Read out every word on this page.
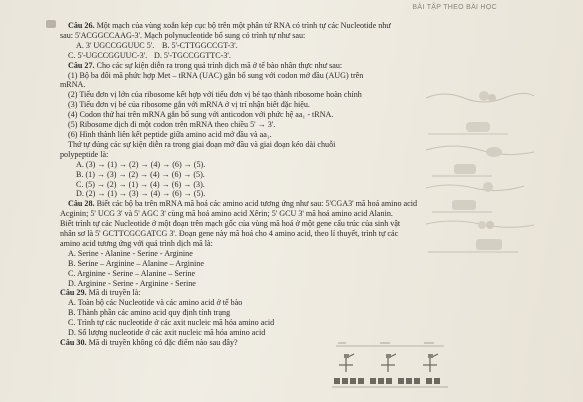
BÀI TẬP THEO BÀI HỌC
Câu 26. Một mạch của vùng xoắn kép cục bộ trên một phân tử RNA có trình tự các Nucleotide như
sau: 5'ACGGCCAAG-3'. Mạch polynucleotide bổ sung có trình tự như sau:
A. 3' UGCCGGUUC 5'. B. 5'-CTTGGCCGT-3'.
C. 5'-UGCCGGUUC-3'. D. 5'-TGCCGGTTC-3'.
Câu 27. Cho các sự kiện diễn ra trong quá trình dịch mã ở tế bào nhân thực như sau:
(1) Bộ ba đối mã phức hợp Met – tRNA (UAC) gắn bổ sung với codon mở đầu (AUG) trên
mRNA.
(2) Tiểu đơn vị lớn của ribosome kết hợp với tiểu đơn vị bé tạo thành ribosome hoàn chỉnh
(3) Tiểu đơn vị bé của ribosome gắn với mRNA ở vị trí nhận biết đặc hiệu.
(4) Codon thứ hai trên mRNA gắn bổ sung với anticodon với phức hệ aa₁ - tRNA.
(5) Ribosome dịch đi một codon trên mRNA theo chiều 5' → 3'.
(6) Hình thành liên kết peptide giữa amino acid mở đầu và aa₁.
Thứ tự đúng các sự kiện diễn ra trong giai đoạn mở đầu và giai đoạn kéo dài chuỗi
polypeptide là:
A. (3) → (1) → (2) → (4) → (6) → (5).
B. (1) → (3) → (2) → (4) → (6) → (5).
C. (5) → (2) → (1) → (4) → (6) → (3).
D. (2) → (1) → (3) → (4) → (6) → (5).
Câu 28. Biết các bộ ba trên mRNA mã hoá các amino acid tương ứng như sau: 5'CGA3' mã hoá amino acid
Acginin; 5' UCG 3' và 5' AGC 3' cùng mã hoá amino acid Xêrin; 5' GCU 3' mã hoá amino acid Alanin.
Biết trình tự các Nucleotide ở một đoạn trên mạch gốc của vùng mã hoá ở một gene cấu trúc của sinh vật
nhân sơ là 5' GCTTCGCGATCG 3'. Đoạn gene này mã hoá cho 4 amino acid, theo lí thuyết, trình tự các
amino acid tương ứng với quá trình dịch mã là:
A. Serine - Alanine - Serine - Arginine
B. Serine – Arginine – Alanine – Arginine
C. Arginine - Serine – Alanine – Serine
D. Arginine - Serine - Arginine - Serine
Câu 29. Mã di truyền là:
A. Toàn bộ các Nucleotide và các amino acid ở tế bào
B. Thành phần các amino acid quy định tính trạng
C. Trình tự các nucleotide ở các axit nucleic mã hóa amino acid
D. Số lượng nucleotide ở các axit nucleic mã hóa amino acid
Câu 30. Mã di truyền không có đặc điểm nào sau đây?
